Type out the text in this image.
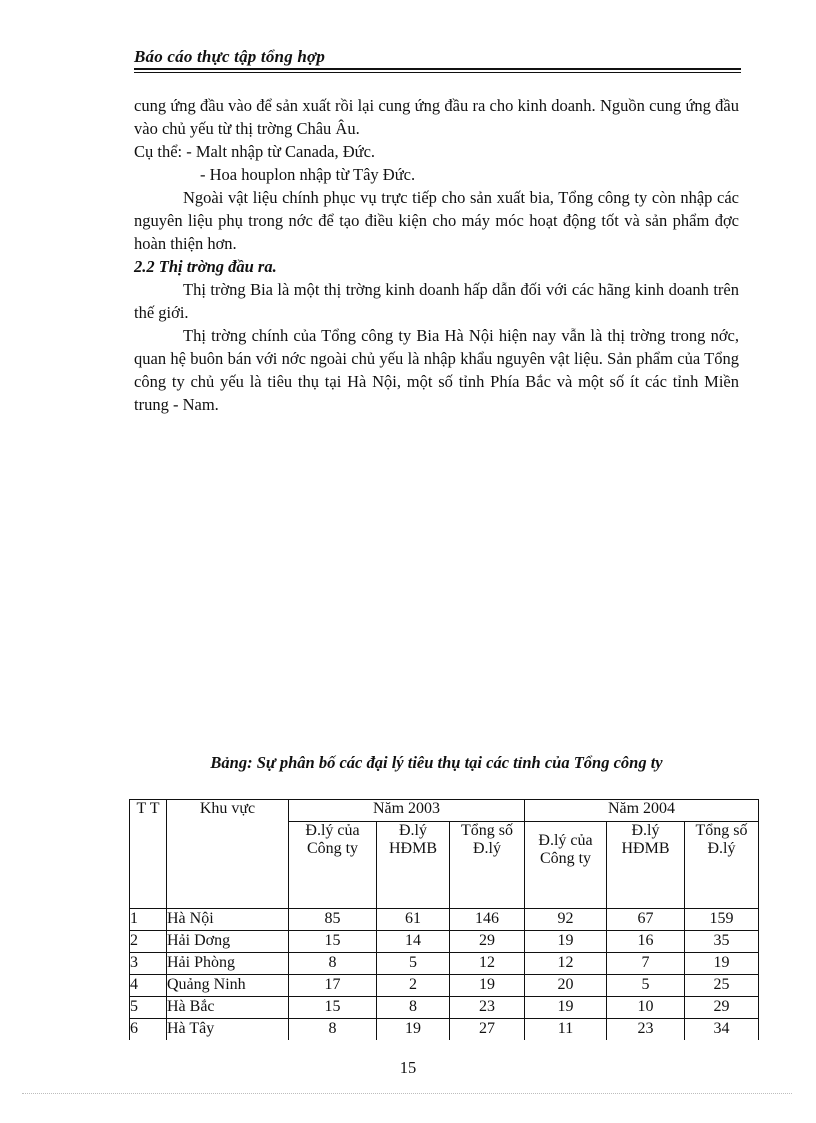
Báo cáo thực tập tổng hợp

cung ứng đầu vào để sản xuất rồi lại cung ứng đầu ra cho kinh doanh. Nguồn cung ứng đầu vào chủ yếu từ thị trờng Châu Âu.

Cụ thể: - Malt nhập từ Canada, Đức.

- Hoa houplon nhập từ Tây Đức.

Ngoài vật liệu chính phục vụ trực tiếp cho sản xuất bia, Tổng công ty còn nhập các nguyên liệu phụ trong nớc để tạo điều kiện cho máy móc hoạt động tốt và sản phẩm đợc hoàn thiện hơn.

2.2 Thị trờng đầu ra.

Thị trờng Bia là một thị trờng kinh doanh hấp dẫn đối với các hãng kinh doanh trên thế giới.

Thị trờng chính của Tổng công ty Bia Hà Nội hiện nay vẫn là thị trờng trong nớc, quan hệ buôn bán với nớc ngoài chủ yếu là nhập khẩu nguyên vật liệu. Sản phẩm của Tổng công ty chủ yếu là tiêu thụ tại Hà Nội, một số tỉnh Phía Bắc và một số ít các tỉnh Miền trung - Nam.

Bảng: Sự phân bố các đại lý tiêu thụ tại các tỉnh của Tổng công ty
T T	Khu vực	Năm 2003			Năm 2004		
		Đ.lý của Công ty	Đ.lý HĐMB	Tổng số Đ.lý	Đ.lý của Công ty	Đ.lý HĐMB	Tổng số Đ.lý
1	Hà Nội	85	61	146	92	67	159
2	Hải Dơng	15	14	29	19	16	35
3	Hải Phòng	8	5	12	12	7	19
4	Quảng Ninh	17	2	19	20	5	25
5	Hà Bắc	15	8	23	19	10	29
6	Hà Tây	8	19	27	11	23	34
15
